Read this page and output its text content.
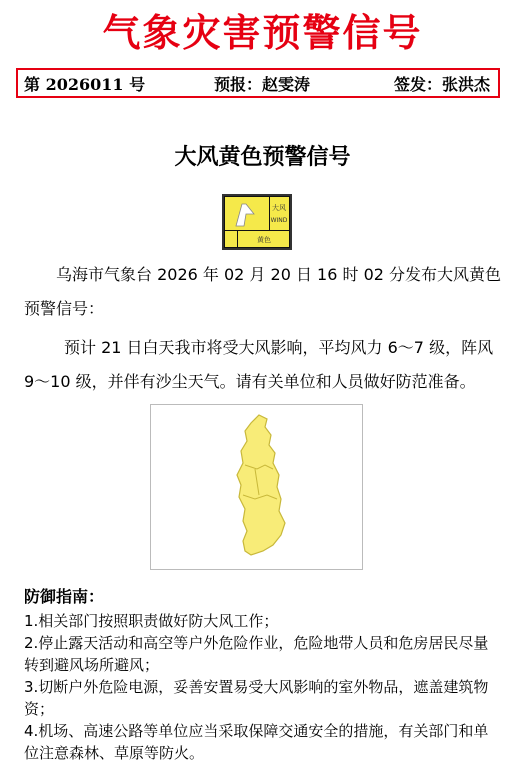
气象灾害预警信号
第 2026011 号	预报：赵雯涛	签发：张洪杰
大风黄色预警信号
大风
WIND
黄色
乌海市气象台 2026 年 02 月 20 日 16 时 02 分发布大风黄色预警信号：
预计 21 日白天我市将受大风影响，平均风力 6～7 级，阵风 9～10 级，并伴有沙尘天气。请有关单位和人员做好防范准备。
防御指南：
1.相关部门按照职责做好防大风工作；
2.停止露天活动和高空等户外危险作业，危险地带人员和危房居民尽量转到避风场所避风；
3.切断户外危险电源，妥善安置易受大风影响的室外物品，遮盖建筑物资；
4.机场、高速公路等单位应当采取保障交通安全的措施，有关部门和单位注意森林、草原等防火。
